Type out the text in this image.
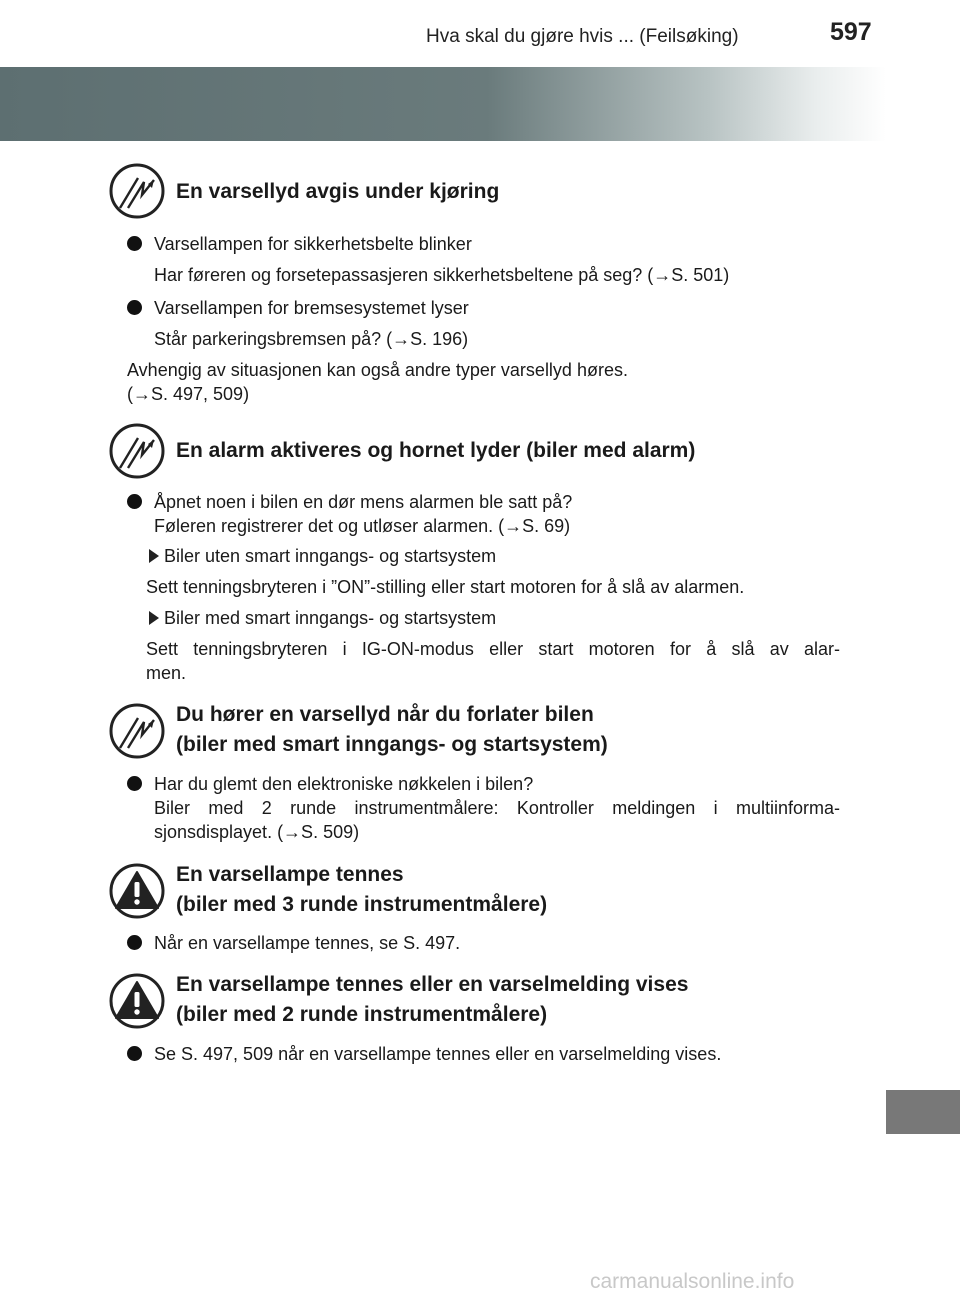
Hva skal du gjøre hvis ... (Feilsøking)	597
En varsellyd avgis under kjøring
Varsellampen for sikkerhetsbelte blinker
Har føreren og forsetepassasjeren sikkerhetsbeltene på seg? (→S. 501)
Varsellampen for bremsesystemet lyser
Står parkeringsbremsen på? (→S. 196)
Avhengig av situasjonen kan også andre typer varsellyd høres.
(→S. 497, 509)
En alarm aktiveres og hornet lyder (biler med alarm)
Åpnet noen i bilen en dør mens alarmen ble satt på?
Føleren registrerer det og utløser alarmen. (→S. 69)
Biler uten smart inngangs- og startsystem
Sett tenningsbryteren i ”ON”-stilling eller start motoren for å slå av alarmen.
Biler med smart inngangs- og startsystem
Sett tenningsbryteren i IG-ON-modus eller start motoren for å slå av alar-
men.
Du hører en varsellyd når du forlater bilen
(biler med smart inngangs- og startsystem)
Har du glemt den elektroniske nøkkelen i bilen?
Biler med 2 runde instrumentmålere: Kontroller meldingen i multiinforma-
sjonsdisplayet. (→S. 509)
En varsellampe tennes
(biler med 3 runde instrumentmålere)
Når en varsellampe tennes, se S. 497.
En varsellampe tennes eller en varselmelding vises
(biler med 2 runde instrumentmålere)
Se S. 497, 509 når en varsellampe tennes eller en varselmelding vises.
carmanualsonline.info
